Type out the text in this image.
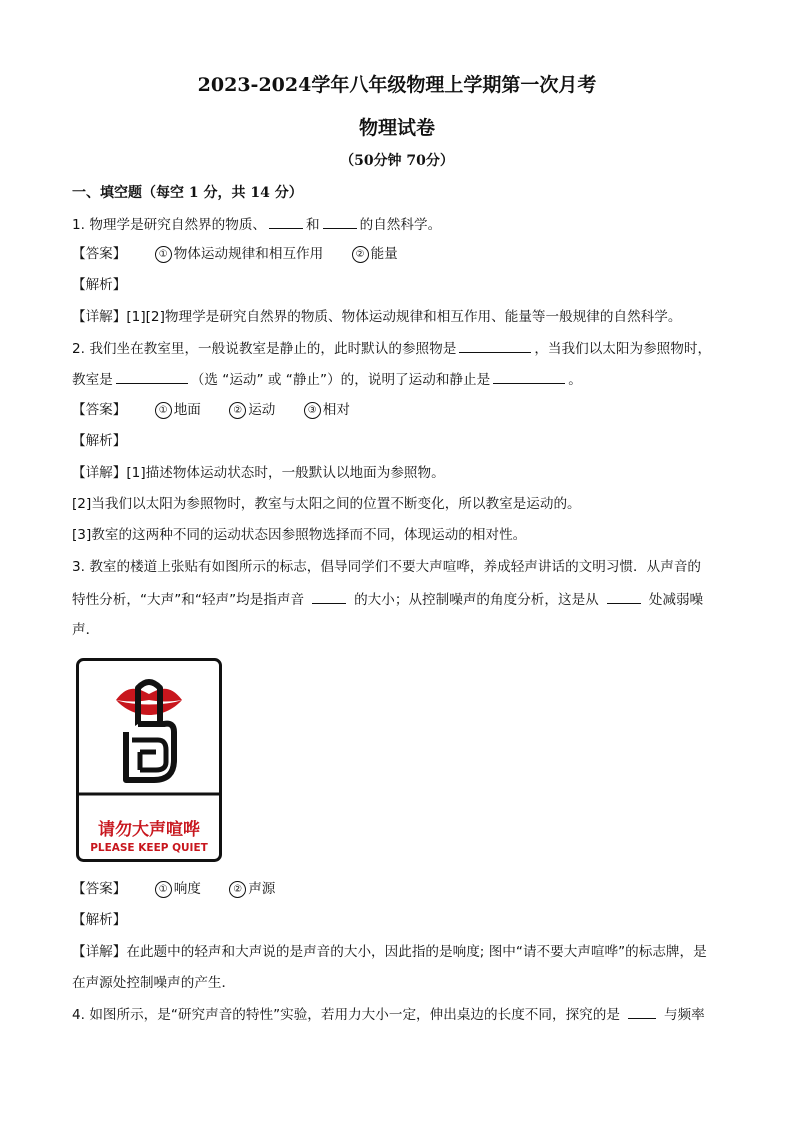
2023-2024学年八年级物理上学期第一次月考
物理试卷
（50分钟 70分）
一、填空题（每空 1 分，共 14 分）
1. 物理学是研究自然界的物质、	和	的自然科学。
【答案】	① 物体运动规律和相互作用	② 能量
【解析】
【详解】[1][2]物理学是研究自然界的物质、物体运动规律和相互作用、能量等一般规律的自然科学。
2. 我们坐在教室里，一般说教室是静止的，此时默认的参照物是	，当我们以太阳为参照物时，
教室是	（选 “运动” 或 “静止”）的，说明了运动和静止是	。
【答案】	① 地面	② 运动	③ 相对
【解析】
【详解】[1]描述物体运动状态时，一般默认以地面为参照物。
[2]当我们以太阳为参照物时，教室与太阳之间的位置不断变化，所以教室是运动的。
[3]教室的这两种不同的运动状态因参照物选择而不同，体现运动的相对性。
3. 教室的楼道上张贴有如图所示的标志，倡导同学们不要大声喧哗，养成轻声讲话的文明习惯．从声音的
特性分析，“大声”和“轻声”均是指声音	的大小；从控制噪声的角度分析，这是从	处减弱噪
声．
请勿大声喧哗
PLEASE KEEP QUIET
【答案】	① 响度	② 声源
【解析】
【详解】在此题中的轻声和大声说的是声音的大小，因此指的是响度; 图中“请不要大声喧哗”的标志牌，是
在声源处控制噪声的产生．
4. 如图所示，是“研究声音的特性”实验，若用力大小一定，伸出桌边的长度不同，探究的是	与频率
